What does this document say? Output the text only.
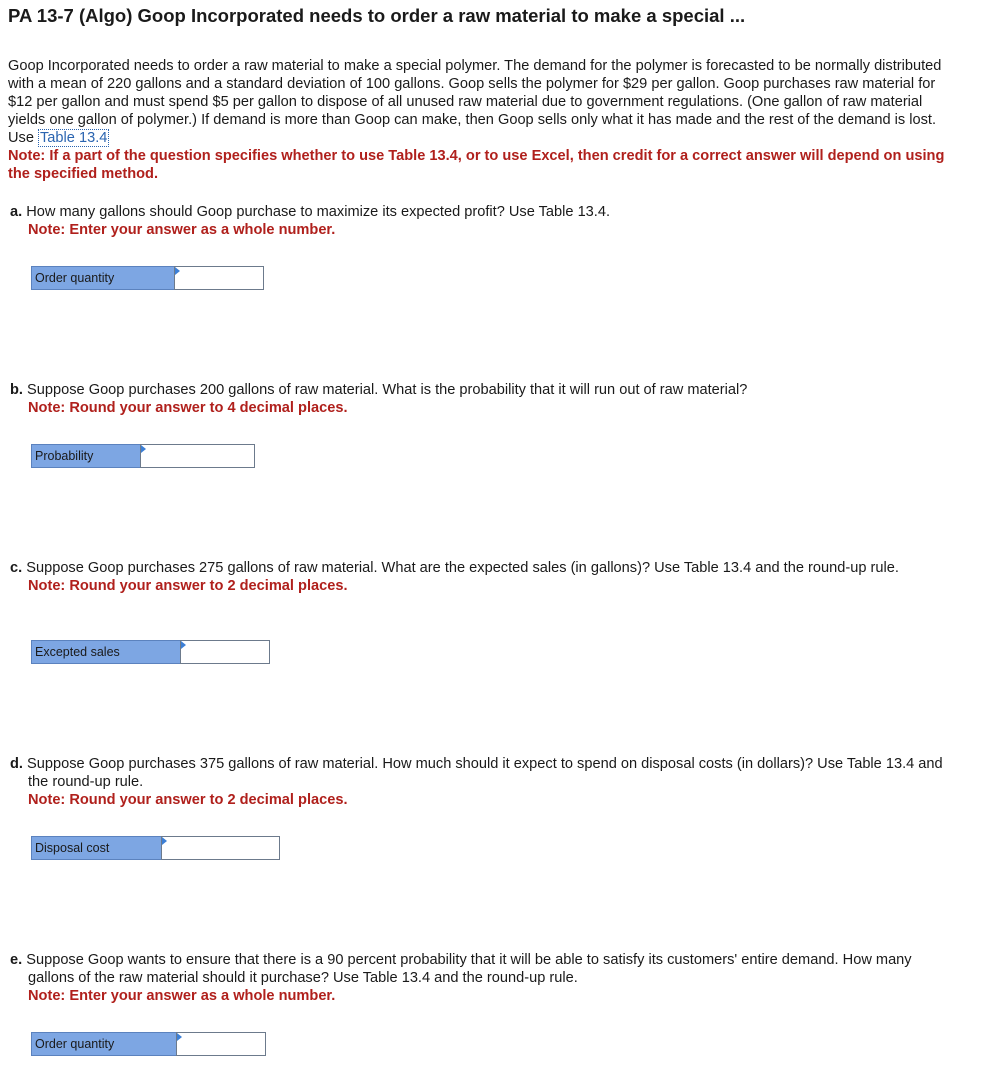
PA 13-7 (Algo) Goop Incorporated needs to order a raw material to make a special ...

Goop Incorporated needs to order a raw material to make a special polymer. The demand for the polymer is forecasted to be normally distributed with a mean of 220 gallons and a standard deviation of 100 gallons. Goop sells the polymer for $29 per gallon. Goop purchases raw material for $12 per gallon and must spend $5 per gallon to dispose of all unused raw material due to government regulations. (One gallon of raw material yields one gallon of polymer.) If demand is more than Goop can make, then Goop sells only what it has made and the rest of the demand is lost. Use Table 13.4

Note: If a part of the question specifies whether to use Table 13.4, or to use Excel, then credit for a correct answer will depend on using the specified method.

a. How many gallons should Goop purchase to maximize its expected profit? Use Table 13.4.
Note: Enter your answer as a whole number.
Order quantity
b. Suppose Goop purchases 200 gallons of raw material. What is the probability that it will run out of raw material?
Note: Round your answer to 4 decimal places.
Probability
c. Suppose Goop purchases 275 gallons of raw material. What are the expected sales (in gallons)? Use Table 13.4 and the round-up rule.
Note: Round your answer to 2 decimal places.
Excepted sales
d. Suppose Goop purchases 375 gallons of raw material. How much should it expect to spend on disposal costs (in dollars)? Use Table 13.4 and the round-up rule.
Note: Round your answer to 2 decimal places.
Disposal cost
e. Suppose Goop wants to ensure that there is a 90 percent probability that it will be able to satisfy its customers' entire demand. How many gallons of the raw material should it purchase? Use Table 13.4 and the round-up rule.
Note: Enter your answer as a whole number.
Order quantity
